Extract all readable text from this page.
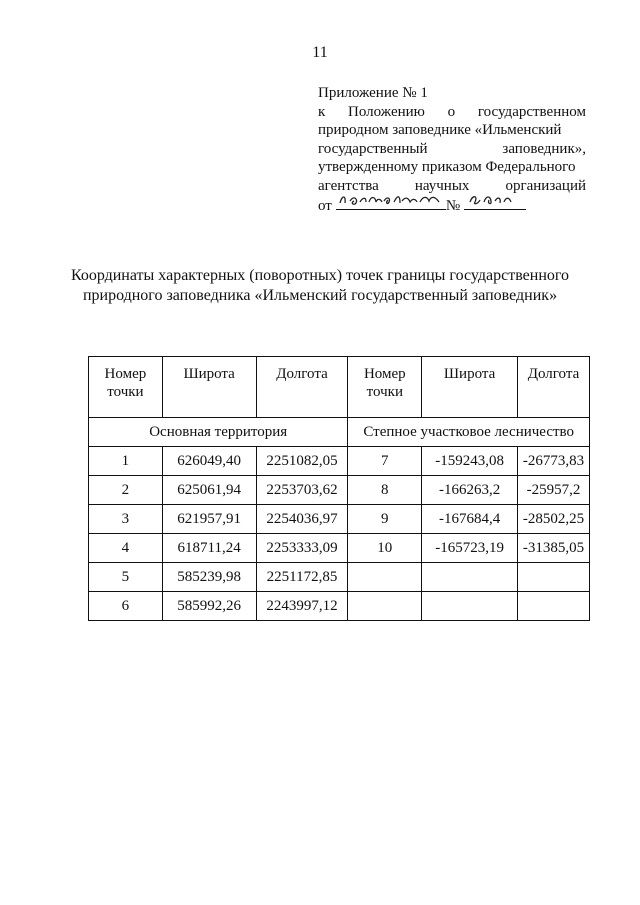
11
Приложение № 1
к Положению о государственном
природном заповеднике «Ильменский
государственный	заповедник»,
утвержденному приказом Федерального
агентства научных организаций
от	№
Координаты характерных (поворотных) точек границы государственного
природного заповедника «Ильменский государственный заповедник»
Номер точки	Широта	Долгота	Номер точки	Широта	Долгота
Основная территория			Степное участковое лесничество		
1	626049,40	2251082,05	7	-159243,08	-26773,83
2	625061,94	2253703,62	8	-166263,2	-25957,2
3	621957,91	2254036,97	9	-167684,4	-28502,25
4	618711,24	2253333,09	10	-165723,19	-31385,05
5	585239,98	2251172,85			
6	585992,26	2243997,12			
